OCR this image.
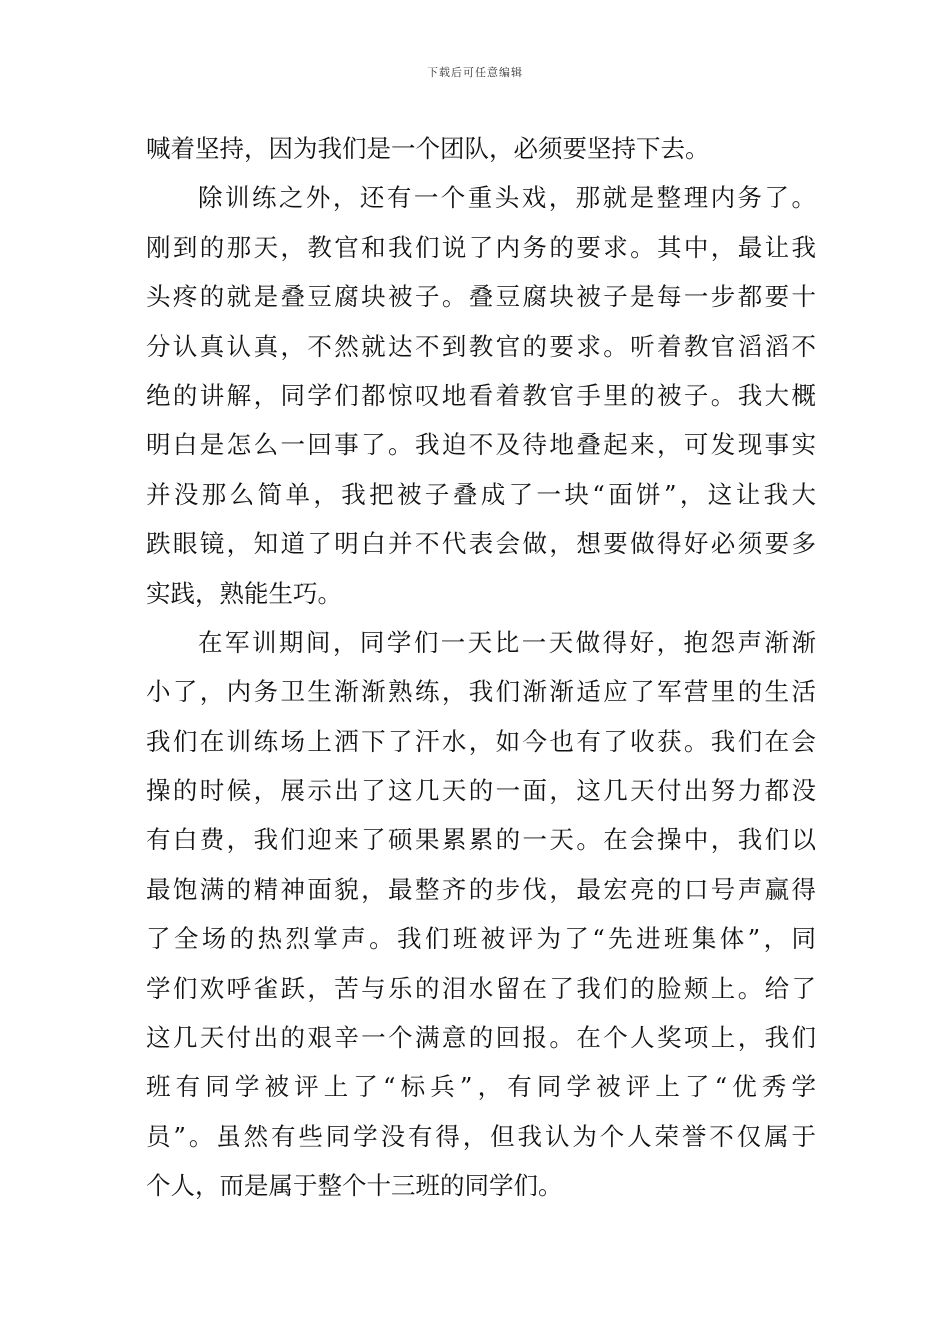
下载后可任意编辑
喊着坚持，因为我们是一个团队，必须要坚持下去。
除训练之外，还有一个重头戏，那就是整理内务了。
刚到的那天，教官和我们说了内务的要求。其中，最让我
头疼的就是叠豆腐块被子。叠豆腐块被子是每一步都要十
分认真认真，不然就达不到教官的要求。听着教官滔滔不
绝的讲解，同学们都惊叹地看着教官手里的被子。我大概
明白是怎么一回事了。我迫不及待地叠起来，可发现事实
并没那么简单，我把被子叠成了一块“面饼”，这让我大
跌眼镜，知道了明白并不代表会做，想要做得好必须要多
实践，熟能生巧。
在军训期间，同学们一天比一天做得好，抱怨声渐渐
小了，内务卫生渐渐熟练，我们渐渐适应了军营里的生活
我们在训练场上洒下了汗水，如今也有了收获。我们在会
操的时候，展示出了这几天的一面，这几天付出努力都没
有白费，我们迎来了硕果累累的一天。在会操中，我们以
最饱满的精神面貌，最整齐的步伐，最宏亮的口号声赢得
了全场的热烈掌声。我们班被评为了“先进班集体”，同
学们欢呼雀跃，苦与乐的泪水留在了我们的脸颊上。给了
这几天付出的艰辛一个满意的回报。在个人奖项上，我们
班有同学被评上了“标兵”，有同学被评上了“优秀学
员”。虽然有些同学没有得，但我认为个人荣誉不仅属于
个人，而是属于整个十三班的同学们。
